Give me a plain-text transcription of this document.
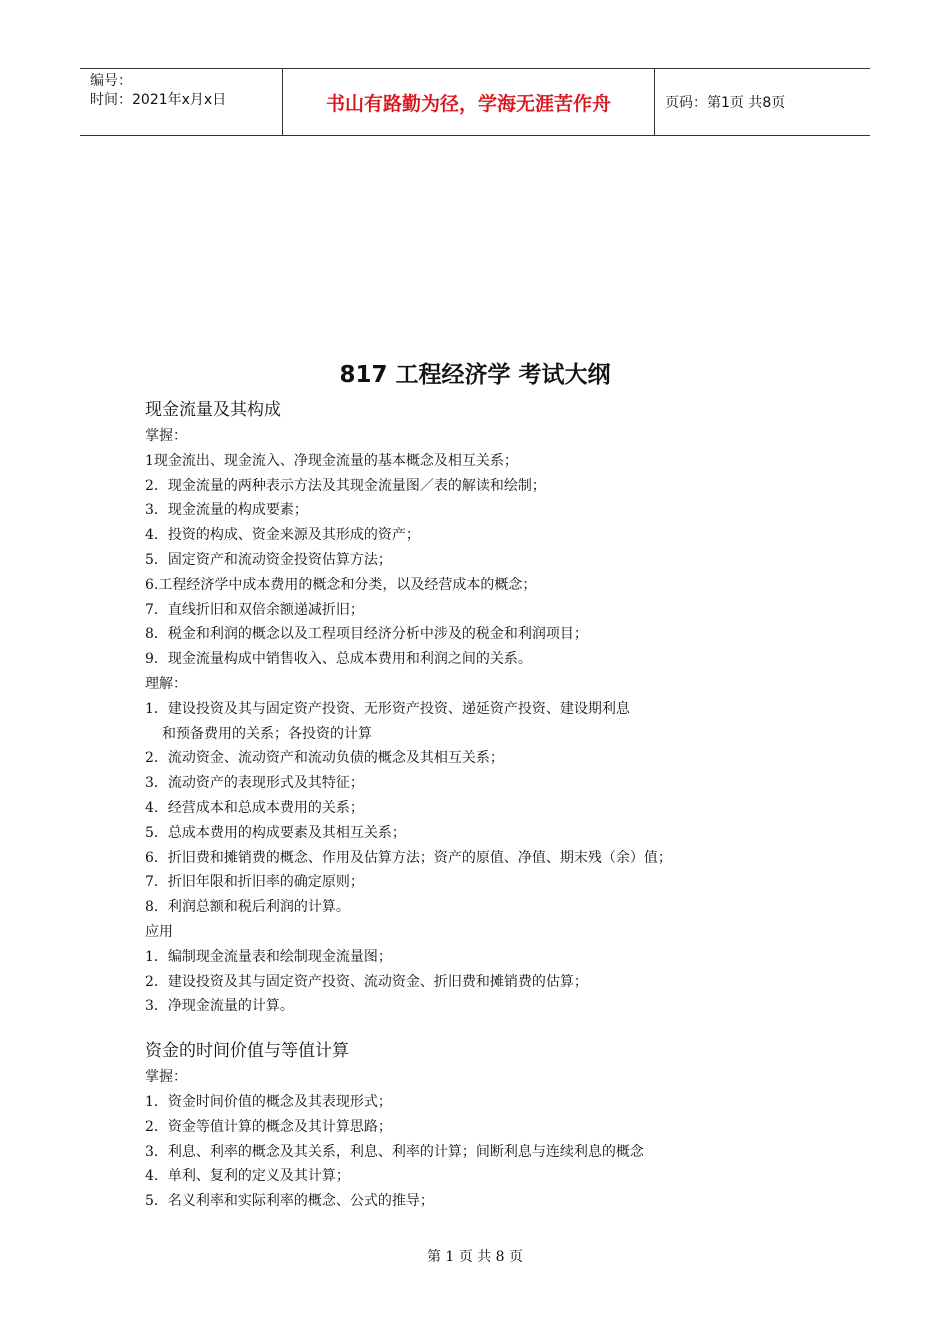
编号：
时间：2021年x月x日	书山有路勤为径，学海无涯苦作舟	页码：第1页 共8页
817 工程经济学 考试大纲
现金流量及其构成
掌握：
1现金流出、现金流入、净现金流量的基本概念及相互关系；
2．现金流量的两种表示方法及其现金流量图／表的解读和绘制；
3．现金流量的构成要素；
4．投资的构成、资金来源及其形成的资产；
5．固定资产和流动资金投资估算方法；
6.工程经济学中成本费用的概念和分类，以及经营成本的概念；
7．直线折旧和双倍余额递减折旧；
8．税金和利润的概念以及工程项目经济分析中涉及的税金和利润项目；
9．现金流量构成中销售收入、总成本费用和利润之间的关系。
理解：
1．建设投资及其与固定资产投资、无形资产投资、递延资产投资、建设期利息
和预备费用的关系；各投资的计算
2．流动资金、流动资产和流动负债的概念及其相互关系；
3．流动资产的表现形式及其特征；
4．经营成本和总成本费用的关系；
5．总成本费用的构成要素及其相互关系；
6．折旧费和摊销费的概念、作用及估算方法；资产的原值、净值、期末残（余）值；
7．折旧年限和折旧率的确定原则；
8．利润总额和税后利润的计算。
应用
1．编制现金流量表和绘制现金流量图；
2．建设投资及其与固定资产投资、流动资金、折旧费和摊销费的估算；
3．净现金流量的计算。
资金的时间价值与等值计算
掌握：
1．资金时间价值的概念及其表现形式；
2．资金等值计算的概念及其计算思路；
3．利息、利率的概念及其关系，利息、利率的计算；间断利息与连续利息的概念
4．单利、复利的定义及其计算；
5．名义利率和实际利率的概念、公式的推导；
第 1 页 共 8 页
